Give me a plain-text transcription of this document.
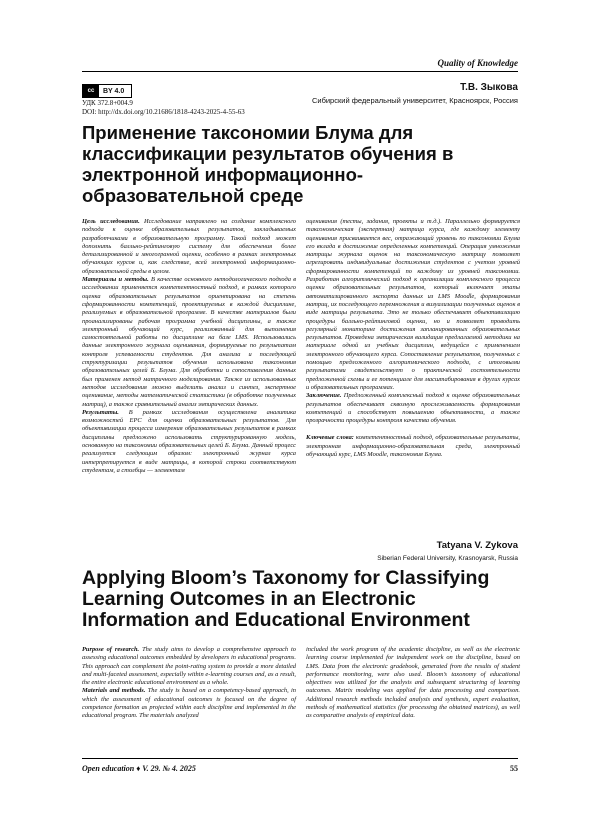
Quality of Knowledge
cc	BY 4.0
УДК 372.8+004.9
DOI: http://dx.doi.org/10.21686/1818-4243-2025-4-55-63
Т.В. Зыкова
Сибирский федеральный университет, Красноярск, Россия
Применение таксономии Блума для классификации результатов обучения в электронной информационно-образовательной среде

Цель исследования. Исследование направлено на создание комплексного подхода к оценке образовательных результатов, закладываемых разработчиками в образовательную программу. Такой подход может дополнить балльно-рейтинговую систему для обеспечения более детализированной и многогранной оценки, особенно в рамках электронных обучающих курсов и, как следствие, всей электронной информационно-образовательной среды в целом.

Материалы и методы. В качестве основного методологического подхода в исследовании применяется компетентностный подход, в рамках которого оценка образовательных результатов ориентирована на степень сформированности компетенций, проектируемых в каждой дисциплине, реализуемых в образовательной программе. В качестве материалов были проанализированы рабочая программа учебной дисциплины, а также электронный обучающий курс, реализованный для выполнения самостоятельной работы по дисциплине на базе LMS. Использовались данные электронного журнала оценивания, формируемые по результатам контроля успеваемости студентов. Для анализа и последующей структуризации результатов обучения использована таксономия образовательных целей Б. Блума. Для обработки и сопоставления данных был применен метод матричного моделирования. Также из использованных методов исследования можно выделить анализ и синтез, экспертное оценивание, методы математической статистики (в обработке полученных матриц), а также сравнительный анализ эмпирических данных.

Результаты. В рамках исследования осуществлена аналитика возможностей ЕРС для оценки образовательных результатов. Для объективизации процесса измерения образовательных результатов в рамках дисциплины предложено использовать структурированную модель, основанную на таксономии образовательных целей Б. Блума. Данный процесс реализуется следующим образом: электронный журнал курса интерпретируется в виде матрицы, в которой строки соответствуют студентам, а столбцы — элементам

оценивания (тесты, задания, проекты и т.д.). Параллельно формируется таксономическая (экспертная) матрица курса, где каждому элементу оценивания присваивается вес, отражающий уровень по таксономии Блума его вклада в достижение определенных компетенций. Операция умножения матрицы журнала оценок на таксономическую матрицу позволяет агрегировать индивидуальные достижения студентов с учетом уровней сформированности компетенций по каждому из уровней таксономии. Разработан алгоритмический подход к организации комплексного процесса оценки образовательных результатов, который включает этапы автоматизированного экспорта данных из LMS Moodle, формирования матриц, их последующего перемножения и визуализации полученных оценок в виде матрицы результата. Это не только обеспечивает объективизацию процедуры балльно-рейтинговой оценки, но и позволяет проводить регулярный мониторинг достижения запланированных образовательных результатов. Проведена эмпирическая валидация предлагаемой методики на материале одной из учебных дисциплин, ведущейся с применением электронного обучающего курса. Сопоставление результатов, полученных с помощью предложенного алгоритмического подхода, с итоговыми результатами свидетельствует о практической состоятельности предложенной схемы и ее потенциале для масштабирования в других курсах и образовательных программах.

Заключение. Предложенный комплексный подход к оценке образовательных результатов обеспечивает сквозную прослеживаемость формирования компетенций и способствует повышению объективности, а также прозрачности процедуры контроля качества обучения.

Ключевые слова: компетентностный подход, образовательные результаты, электронная информационно-образовательная среда, электронный обучающий курс, LMS Moodle, таксономия Блума.

Tatyana V. Zykova
Siberian Federal University, Krasnoyarsk, Russia
Applying Bloom’s Taxonomy for Classifying Learning Outcomes in an Electronic Information and Educational Environment

Purpose of research. The study aims to develop a comprehensive approach to assessing educational outcomes embedded by developers in educational programs. This approach can complement the point-rating system to provide a more detailed and multi-faceted assessment, especially within e-learning courses and, as a result, the entire electronic educational environment as a whole.

Materials and methods. The study is based on a competency-based approach, in which the assessment of educational outcomes is focused on the degree of competence formation as projected within each discipline and implemented in the educational program. The materials analyzed

included the work program of the academic discipline, as well as the electronic learning course implemented for independent work on the discipline, based on LMS. Data from the electronic gradebook, generated from the results of student performance monitoring, were also used. Bloom’s taxonomy of educational objectives was utilized for the analysis and subsequent structuring of learning outcomes. Matrix modeling was applied for data processing and comparison. Additional research methods included analysis and synthesis, expert evaluation, methods of mathematical statistics (for processing the obtained matrices), as well as comparative analysis of empirical data.

Open education ♦ V. 29. № 4. 2025	55
